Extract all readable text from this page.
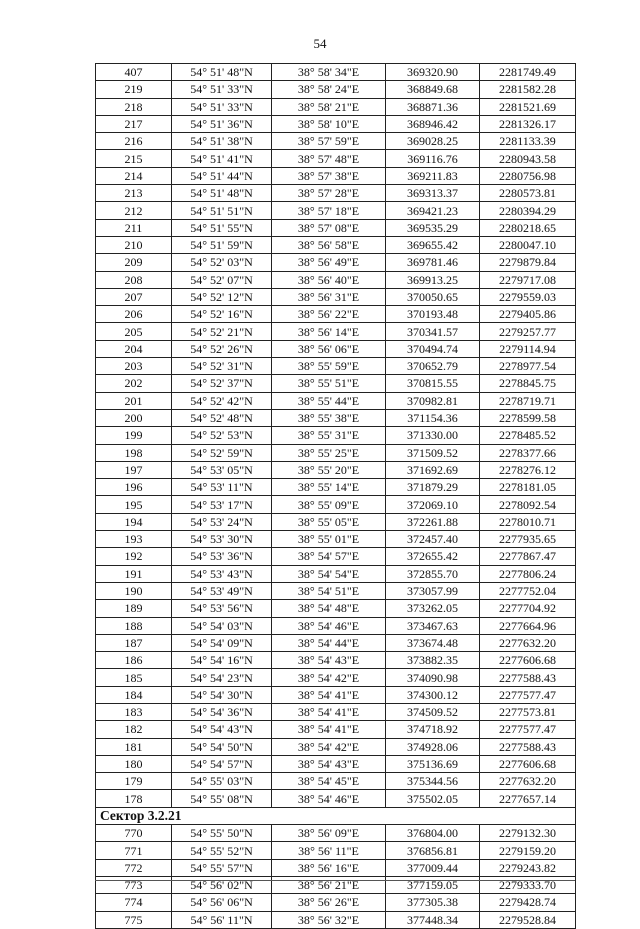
54
407	54° 51' 48"N	38° 58' 34"E	369320.90	2281749.49
219	54° 51' 33"N	38° 58' 24"E	368849.68	2281582.28
218	54° 51' 33"N	38° 58' 21"E	368871.36	2281521.69
217	54° 51' 36"N	38° 58' 10"E	368946.42	2281326.17
216	54° 51' 38"N	38° 57' 59"E	369028.25	2281133.39
215	54° 51' 41"N	38° 57' 48"E	369116.76	2280943.58
214	54° 51' 44"N	38° 57' 38"E	369211.83	2280756.98
213	54° 51' 48"N	38° 57' 28"E	369313.37	2280573.81
212	54° 51' 51"N	38° 57' 18"E	369421.23	2280394.29
211	54° 51' 55"N	38° 57' 08"E	369535.29	2280218.65
210	54° 51' 59"N	38° 56' 58"E	369655.42	2280047.10
209	54° 52' 03"N	38° 56' 49"E	369781.46	2279879.84
208	54° 52' 07"N	38° 56' 40"E	369913.25	2279717.08
207	54° 52' 12"N	38° 56' 31"E	370050.65	2279559.03
206	54° 52' 16"N	38° 56' 22"E	370193.48	2279405.86
205	54° 52' 21"N	38° 56' 14"E	370341.57	2279257.77
204	54° 52' 26"N	38° 56' 06"E	370494.74	2279114.94
203	54° 52' 31"N	38° 55' 59"E	370652.79	2278977.54
202	54° 52' 37"N	38° 55' 51"E	370815.55	2278845.75
201	54° 52' 42"N	38° 55' 44"E	370982.81	2278719.71
200	54° 52' 48"N	38° 55' 38"E	371154.36	2278599.58
199	54° 52' 53"N	38° 55' 31"E	371330.00	2278485.52
198	54° 52' 59"N	38° 55' 25"E	371509.52	2278377.66
197	54° 53' 05"N	38° 55' 20"E	371692.69	2278276.12
196	54° 53' 11"N	38° 55' 14"E	371879.29	2278181.05
195	54° 53' 17"N	38° 55' 09"E	372069.10	2278092.54
194	54° 53' 24"N	38° 55' 05"E	372261.88	2278010.71
193	54° 53' 30"N	38° 55' 01"E	372457.40	2277935.65
192	54° 53' 36"N	38° 54' 57"E	372655.42	2277867.47
191	54° 53' 43"N	38° 54' 54"E	372855.70	2277806.24
190	54° 53' 49"N	38° 54' 51"E	373057.99	2277752.04
189	54° 53' 56"N	38° 54' 48"E	373262.05	2277704.92
188	54° 54' 03"N	38° 54' 46"E	373467.63	2277664.96
187	54° 54' 09"N	38° 54' 44"E	373674.48	2277632.20
186	54° 54' 16"N	38° 54' 43"E	373882.35	2277606.68
185	54° 54' 23"N	38° 54' 42"E	374090.98	2277588.43
184	54° 54' 30"N	38° 54' 41"E	374300.12	2277577.47
183	54° 54' 36"N	38° 54' 41"E	374509.52	2277573.81
182	54° 54' 43"N	38° 54' 41"E	374718.92	2277577.47
181	54° 54' 50"N	38° 54' 42"E	374928.06	2277588.43
180	54° 54' 57"N	38° 54' 43"E	375136.69	2277606.68
179	54° 55' 03"N	38° 54' 45"E	375344.56	2277632.20
178	54° 55' 08"N	38° 54' 46"E	375502.05	2277657.14
Сектор 3.2.21				
770	54° 55' 50"N	38° 56' 09"E	376804.00	2279132.30
771	54° 55' 52"N	38° 56' 11"E	376856.81	2279159.20
772	54° 55' 57"N	38° 56' 16"E	377009.44	2279243.82
773	54° 56' 02"N	38° 56' 21"E	377159.05	2279333.70
774	54° 56' 06"N	38° 56' 26"E	377305.38	2279428.74
775	54° 56' 11"N	38° 56' 32"E	377448.34	2279528.84
